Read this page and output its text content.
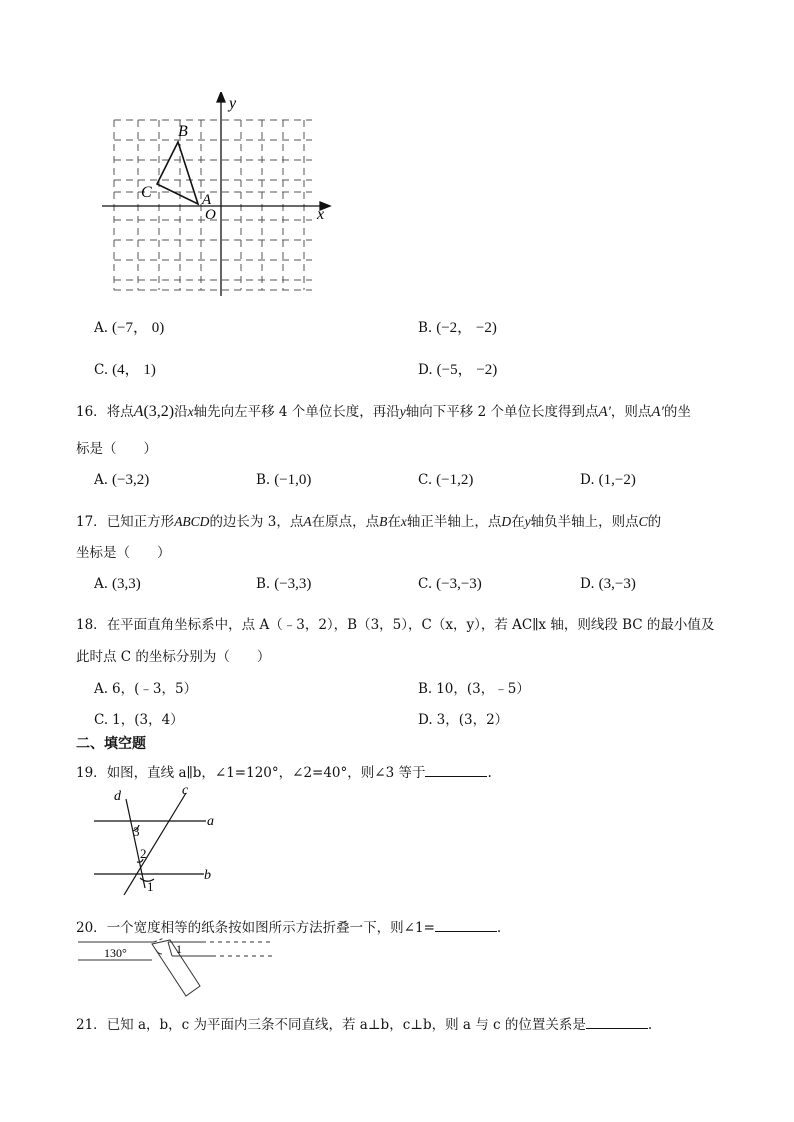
y
x
O
A
B
C
A. (−7， 0)	B. (−2， −2)
C. (4， 1)	D. (−5， −2)
16．将点A(3,2)沿x轴先向左平移 4 个单位长度，再沿y轴向下平移 2 个单位长度得到点A′，则点A′的坐
标是（　　）
A. (−3,2)	B. (−1,0)	C. (−1,2)	D. (1,−2)
17．已知正方形ABCD的边长为 3，点A在原点，点B在x轴正半轴上，点D在y轴负半轴上，则点C的
坐标是（　　）
A. (3,3)	B. (−3,3)	C. (−3,−3)	D. (3,−3)
18．在平面直角坐标系中，点 A（﹣3，2），B（3，5），C（x，y），若 AC∥x 轴，则线段 BC 的最小值及
此时点 C 的坐标分别为（　　）
A. 6，(﹣3，5）	B. 10，(3，﹣5）
C. 1，(3，4）	D. 3，(3，2）
二、填空题
19．如图，直线 a∥b，∠1=120°，∠2=40°，则∠3 等于	.
d	c
a
b
3
2
1
20．一个宽度相等的纸条按如图所示方法折叠一下，则∠1=	.
130°	1
21．已知 a，b，c 为平面内三条不同直线，若 a⊥b，c⊥b，则 a 与 c 的位置关系是	.
